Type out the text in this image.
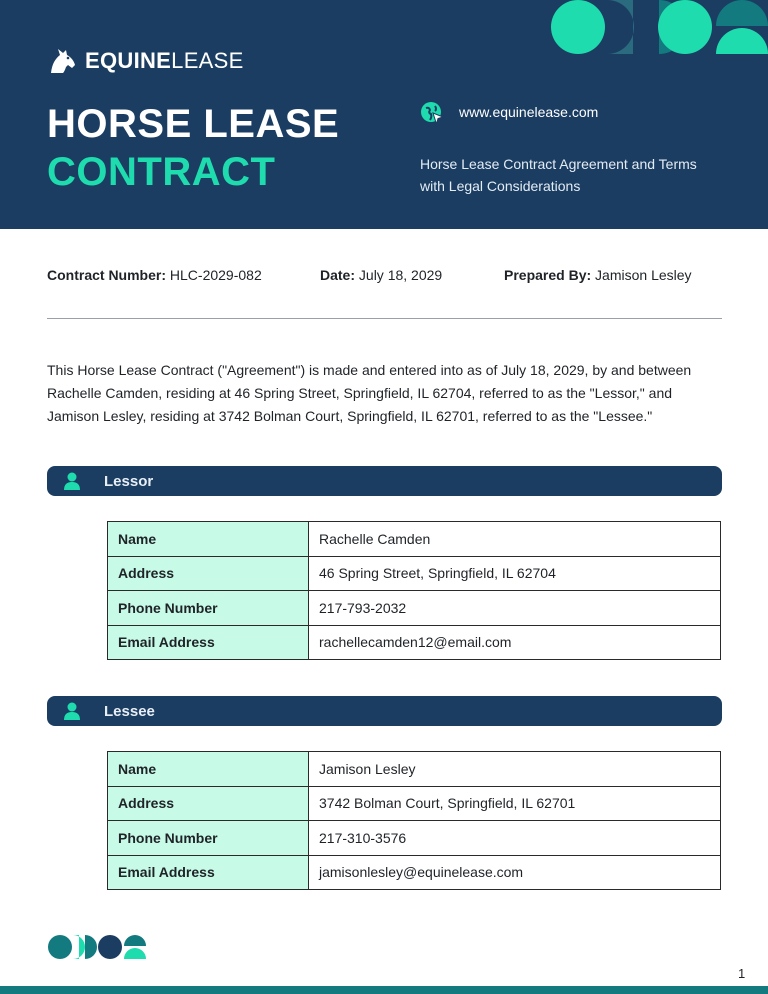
EQUINELEASE
HORSE LEASE
CONTRACT
www.equinelease.com
Horse Lease Contract Agreement and Terms with Legal Considerations
Contract Number: HLC-2029-082	Date: July 18, 2029	Prepared By: Jamison Lesley

This Horse Lease Contract ("Agreement") is made and entered into as of July 18, 2029, by and between Rachelle Camden, residing at 46 Spring Street, Springfield, IL 62704, referred to as the "Lessor," and Jamison Lesley, residing at 3742 Bolman Court, Springfield, IL 62701, referred to as the "Lessee."

Lessor
Name	Rachelle Camden
Address	46 Spring Street, Springfield, IL 62704
Phone Number	217-793-2032
Email Address	rachellecamden12@email.com
Lessee
Name	Jamison Lesley
Address	3742 Bolman Court, Springfield, IL 62701
Phone Number	217-310-3576
Email Address	jamisonlesley@equinelease.com
1
